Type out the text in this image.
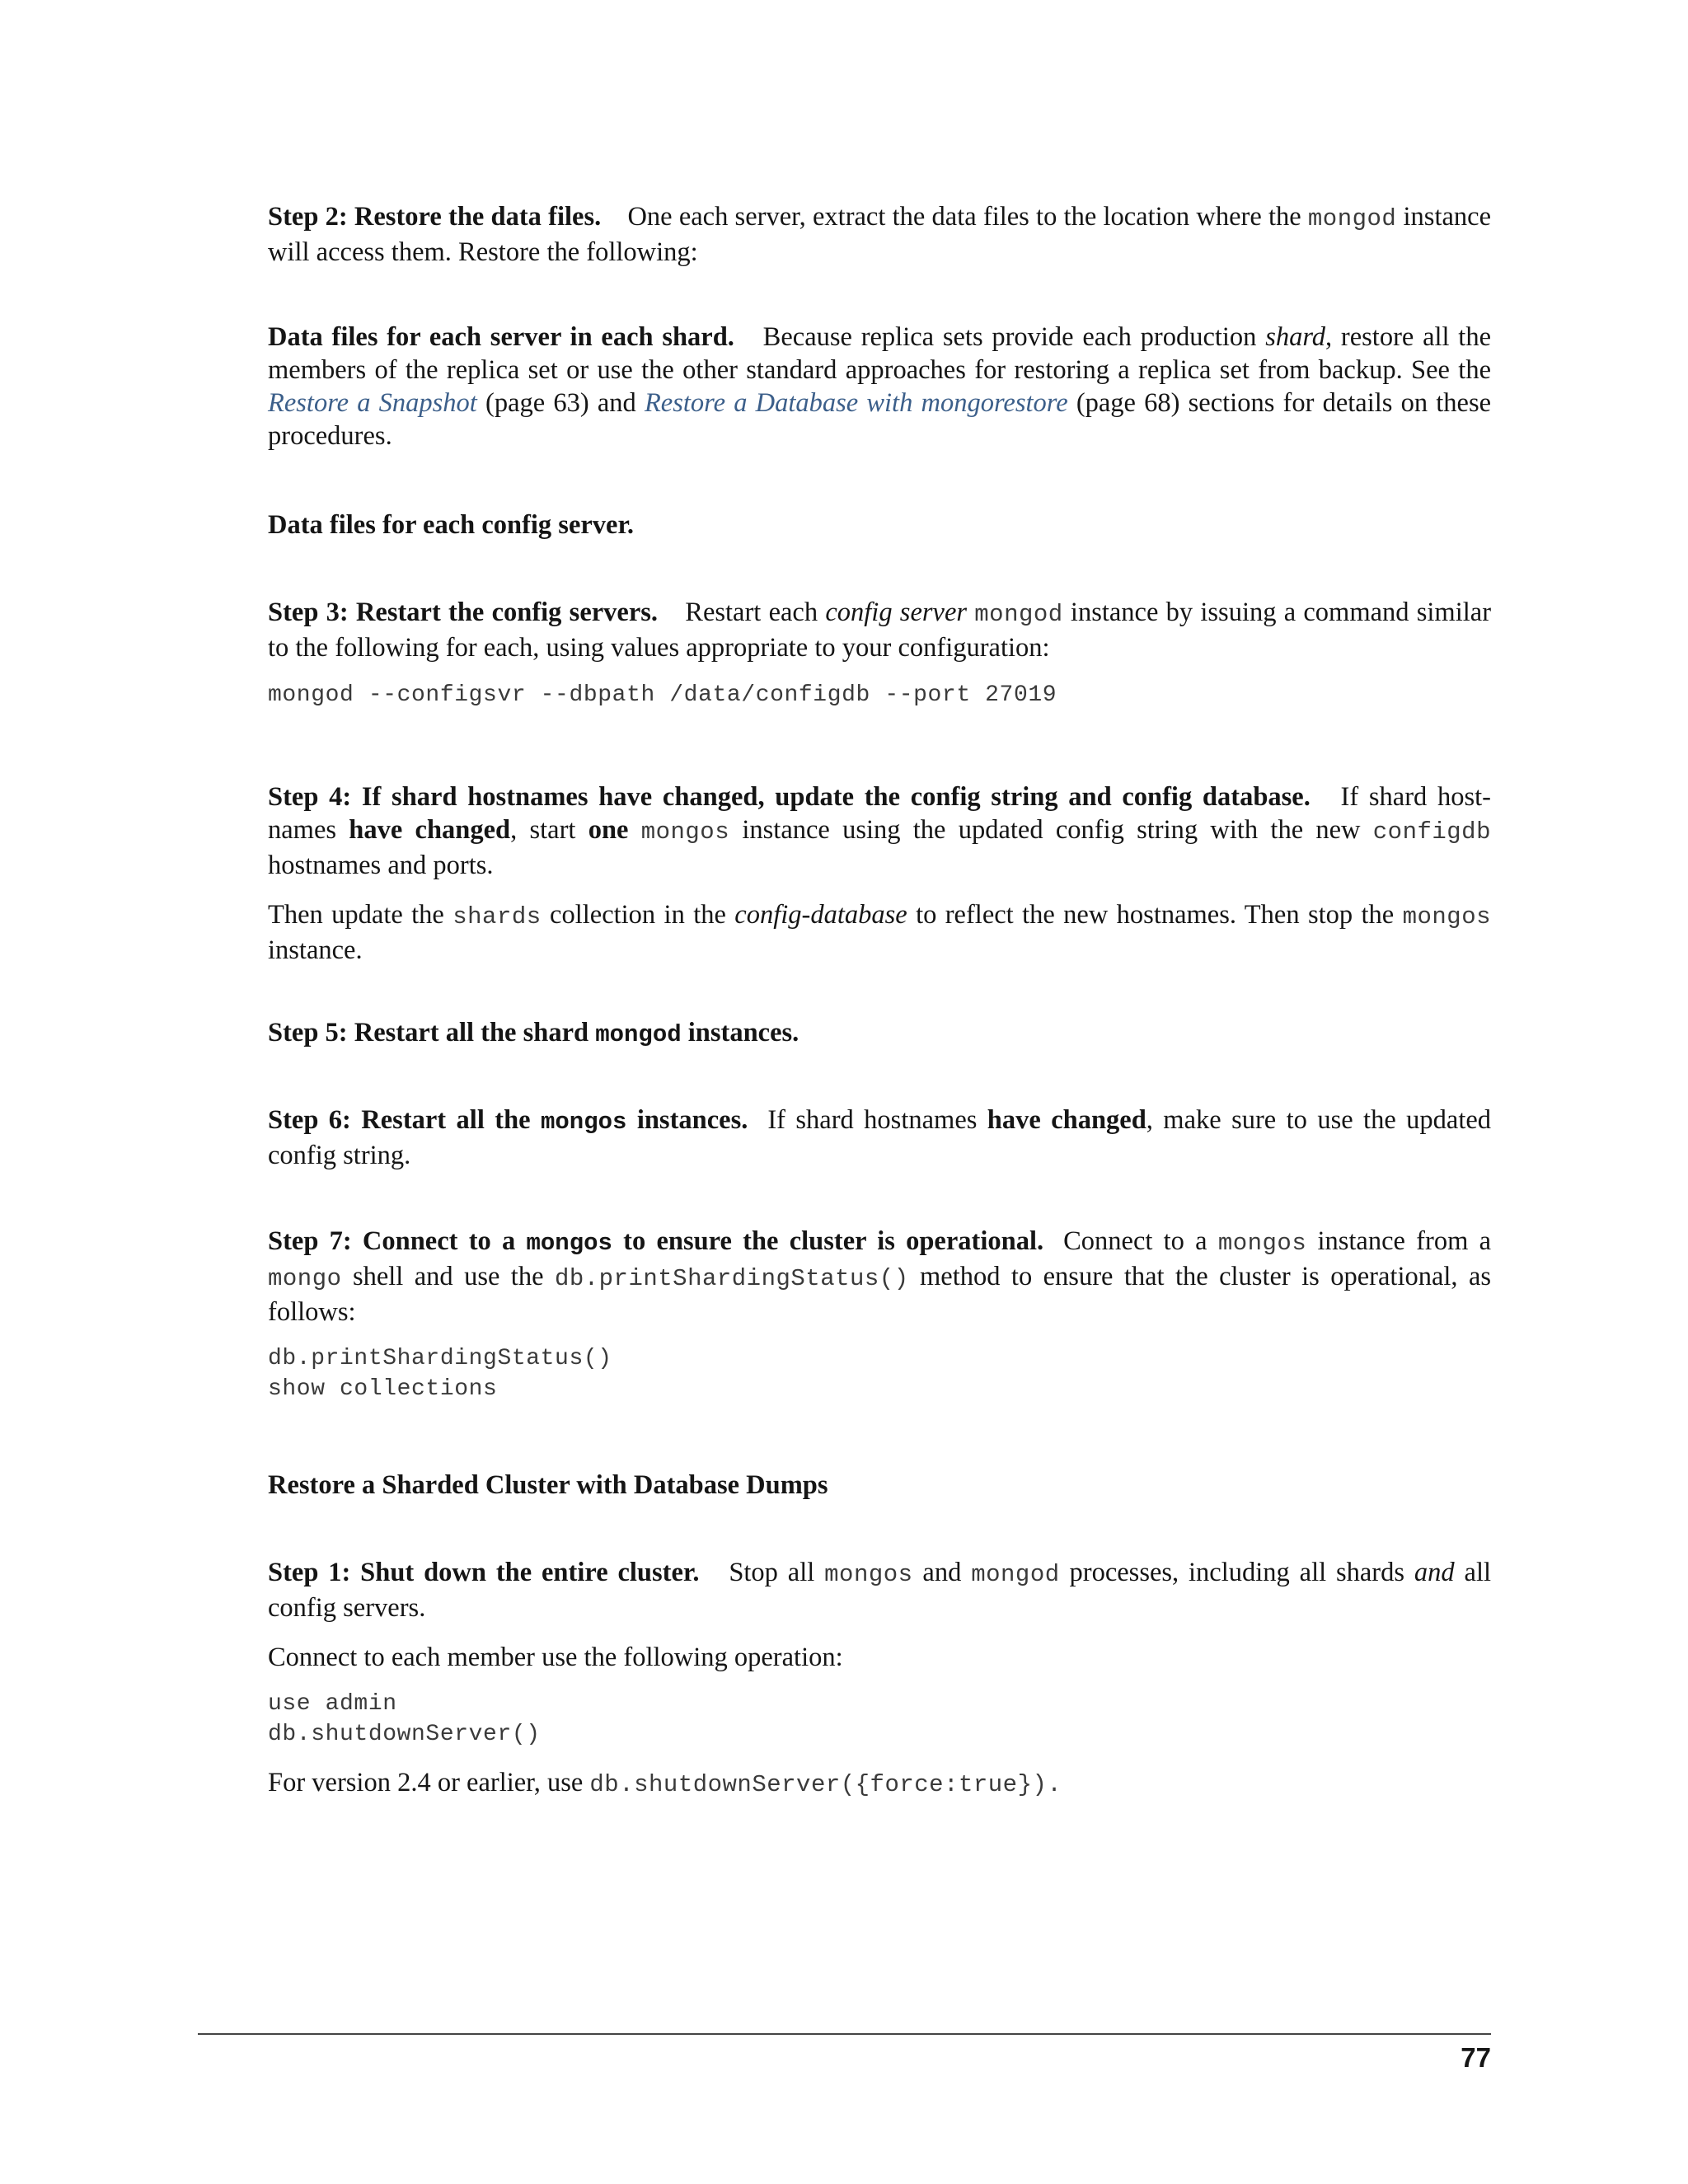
Step 2: Restore the data files. One each server, extract the data files to the location where the mongod instance will access them. Restore the following:

Data files for each server in each shard. Because replica sets provide each production shard, restore all the members of the replica set or use the other standard approaches for restoring a replica set from backup. See the Restore a Snapshot (page 63) and Restore a Database with mongorestore (page 68) sections for details on these procedures.

Data files for each config server.

Step 3: Restart the config servers. Restart each config server mongod instance by issuing a command similar to the following for each, using values appropriate to your configuration:

mongod --configsvr --dbpath /data/configdb --port 27019

Step 4: If shard hostnames have changed, update the config string and config database. If shard host-names have changed, start one mongos instance using the updated config string with the new configdb hostnames and ports.

Then update the shards collection in the config-database to reflect the new hostnames. Then stop the mongos instance.

Step 5: Restart all the shard mongod instances.

Step 6: Restart all the mongos instances. If shard hostnames have changed, make sure to use the updated config string.

Step 7: Connect to a mongos to ensure the cluster is operational. Connect to a mongos instance from a mongo shell and use the db.printShardingStatus() method to ensure that the cluster is operational, as follows:

db.printShardingStatus()
show collections

Restore a Sharded Cluster with Database Dumps

Step 1: Shut down the entire cluster. Stop all mongos and mongod processes, including all shards and all config servers.

Connect to each member use the following operation:

use admin
db.shutdownServer()

For version 2.4 or earlier, use db.shutdownServer({force:true}).

77
